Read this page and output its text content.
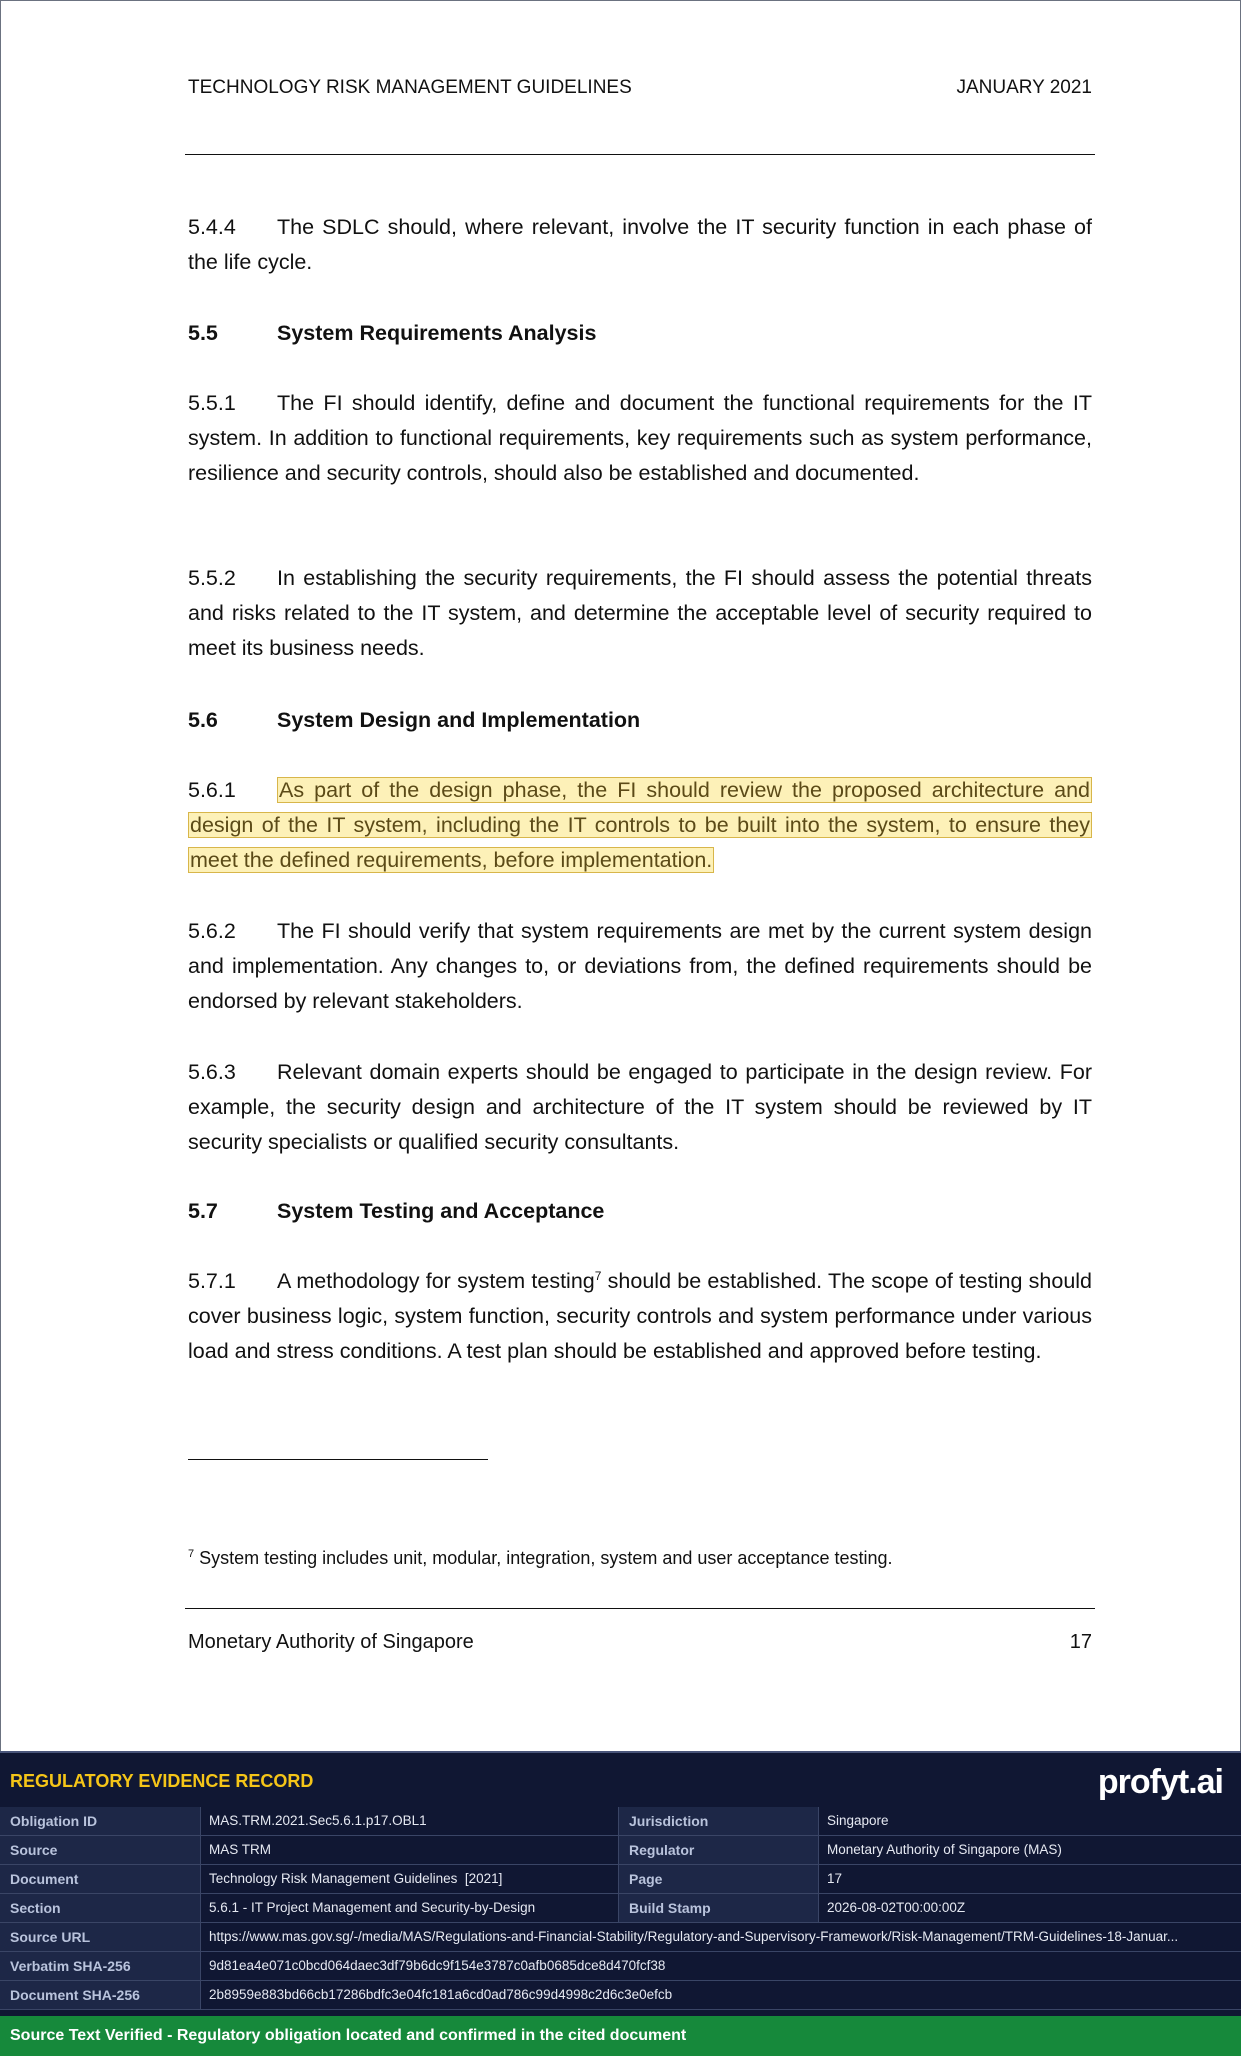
TECHNOLOGY RISK MANAGEMENT GUIDELINES	JANUARY 2021
5.4.4 The SDLC should, where relevant, involve the IT security function in each phase of the life cycle.
5.5	System Requirements Analysis
5.5.1 The FI should identify, define and document the functional requirements for the IT system. In addition to functional requirements, key requirements such as system performance, resilience and security controls, should also be established and documented.
5.5.2 In establishing the security requirements, the FI should assess the potential threats and risks related to the IT system, and determine the acceptable level of security required to meet its business needs.
5.6	System Design and Implementation
5.6.1 As part of the design phase, the FI should review the proposed architecture and design of the IT system, including the IT controls to be built into the system, to ensure they meet the defined requirements, before implementation.
5.6.2 The FI should verify that system requirements are met by the current system design and implementation. Any changes to, or deviations from, the defined requirements should be endorsed by relevant stakeholders.
5.6.3 Relevant domain experts should be engaged to participate in the design review. For example, the security design and architecture of the IT system should be reviewed by IT security specialists or qualified security consultants.
5.7	System Testing and Acceptance
5.7.1 A methodology for system testing$^7$ should be established. The scope of testing should cover business logic, system function, security controls and system performance under various load and stress conditions. A test plan should be established and approved before testing.
$^7$ System testing includes unit, modular, integration, system and user acceptance testing.
Monetary Authority of Singapore	17
REGULATORY EVIDENCE RECORD	profyt.ai
Obligation ID	MAS.TRM.2021.Sec5.6.1.p17.OBL1	Jurisdiction	Singapore
Source	MAS TRM	Regulator	Monetary Authority of Singapore (MAS)
Document	Technology Risk Management Guidelines  [2021]	Page	17
Section	5.6.1 - IT Project Management and Security-by-Design	Build Stamp	2026-08-02T00:00:00Z
Source URL	https://www.mas.gov.sg/-/media/MAS/Regulations-and-Financial-Stability/Regulatory-and-Supervisory-Framework/Risk-Management/TRM-Guidelines-18-Januar...
Verbatim SHA-256	9d81ea4e071c0bcd064daec3df79b6dc9f154e3787c0afb0685dce8d470fcf38
Document SHA-256	2b8959e883bd66cb17286bdfc3e04fc181a6cd0ad786c99d4998c2d6c3e0efcb
Source Text Verified - Regulatory obligation located and confirmed in the cited document
